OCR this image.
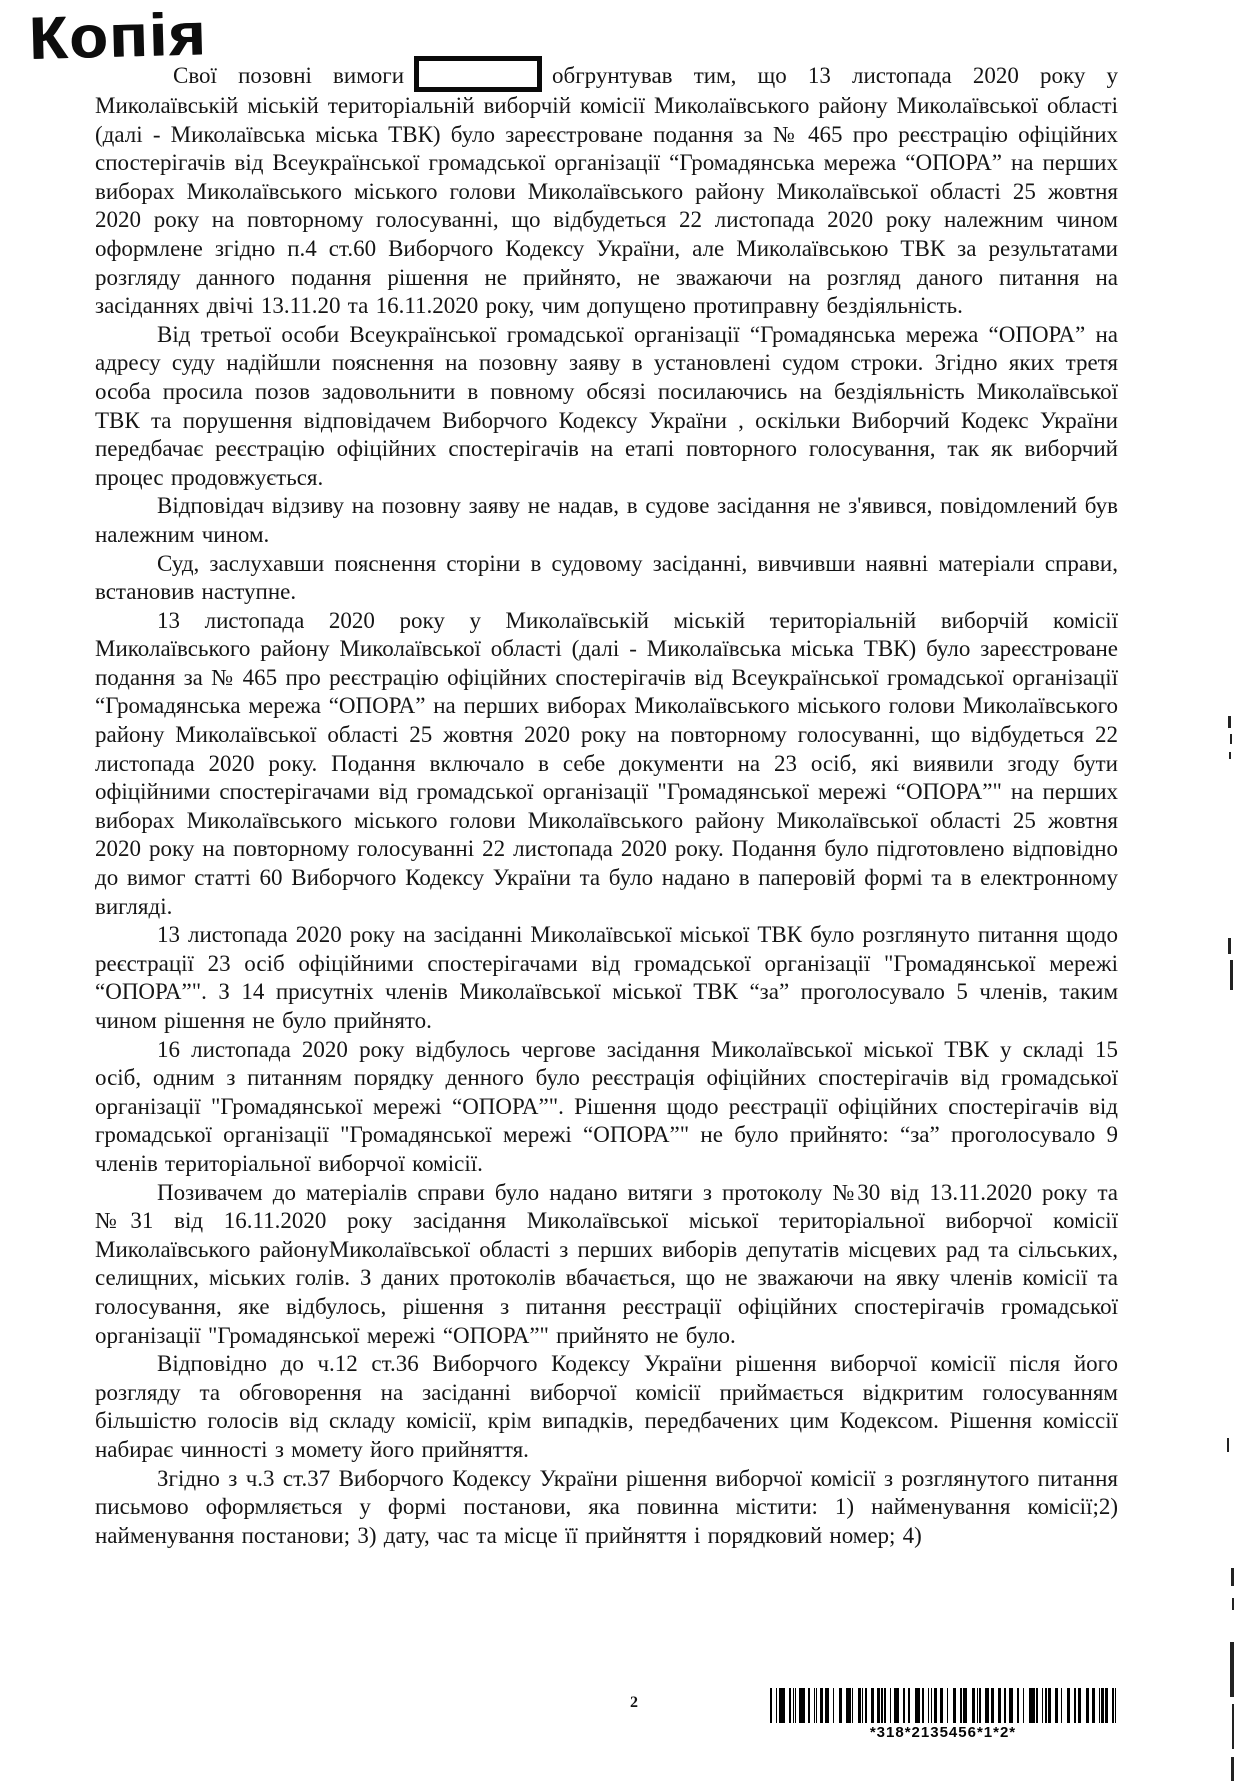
Копія

Свої позовні вимоги	обгрунтував тим, що 13 листопада 2020 року у Миколаївській міській територіальній виборчій комісії Миколаївського району Миколаївської області (далі - Миколаївська міська ТВК) було зареєстроване подання за № 465 про реєстрацію офіційних спостерігачів від Всеукраїнської громадської організації “Громадянська мережа “ОПОРА” на перших виборах Миколаївського міського голови Миколаївського району Миколаївської області 25 жовтня 2020 року на повторному голосуванні, що відбудеться 22 листопада 2020 року належним чином оформлене згідно п.4 ст.60 Виборчого Кодексу України, але Миколаївською ТВК за результатами розгляду данного подання рішення не прийнято, не зважаючи на розгляд даного питання на засіданнях двічі 13.11.20 та 16.11.2020 року, чим допущено протиправну бездіяльність.

Від третьої особи Всеукраїнської громадської організації “Громадянська мережа “ОПОРА” на адресу суду надійшли пояснення на позовну заяву в установлені судом строки. Згідно яких третя особа просила позов задовольнити в повному обсязі посилаючись на бездіяльність Миколаївської ТВК та порушення відповідачем Виборчого Кодексу України , оскільки Виборчий Кодекс України передбачає реєстрацію офіційних спостерігачів на етапі повторного голосування, так як виборчий процес продовжується.

Відповідач відзиву на позовну заяву не надав, в судове засідання не з'явився, повідомлений був належним чином.

Суд, заслухавши пояснення сторіни в судовому засіданні, вивчивши наявні матеріали справи, встановив наступне.

13 листопада 2020 року у Миколаївській міській територіальній виборчій комісії Миколаївського району Миколаївської області (далі - Миколаївська міська ТВК) було зареєстроване подання за № 465 про реєстрацію офіційних спостерігачів від Всеукраїнської громадської організації “Громадянська мережа “ОПОРА” на перших виборах Миколаївського міського голови Миколаївського району Миколаївської області 25 жовтня 2020 року на повторному голосуванні, що відбудеться 22 листопада 2020 року. Подання включало в себе документи на 23 осіб, які виявили згоду бути офіційними спостерігачами від громадської організації "Громадянської мережі “ОПОРА”" на перших виборах Миколаївського міського голови Миколаївського району Миколаївської області 25 жовтня 2020 року на повторному голосуванні 22 листопада 2020 року. Подання було підготовлено відповідно до вимог статті 60 Виборчого Кодексу України та було надано в паперовій формі та в електронному вигляді.

13 листопада 2020 року на засіданні Миколаївської міської ТВК було розглянуто питання щодо реєстрації 23 осіб офіційними спостерігачами від громадської організації "Громадянської мережі “ОПОРА”". З 14 присутніх членів Миколаївської міської ТВК “за” проголосувало 5 членів, таким чином рішення не було прийнято.

16 листопада 2020 року відбулось чергове засідання Миколаївської міської ТВК у складі 15 осіб, одним з питанням порядку денного було реєстрація офіційних спостерігачів від громадської організації "Громадянської мережі “ОПОРА”". Рішення щодо реєстрації офіційних спостерігачів від громадської організації "Громадянської мережі “ОПОРА”" не було прийнято: “за” проголосувало 9 членів територіальної виборчої комісії.

Позивачем до матеріалів справи було надано витяги з протоколу №30 від 13.11.2020 року та №31 від 16.11.2020 року засідання Миколаївської міської територіальної виборчої комісії Миколаївського районуМиколаївської області з перших виборів депутатів місцевих рад та сільських, селищних, міських голів. З даних протоколів вбачається, що не зважаючи на явку членів комісії та голосування, яке відбулось, рішення з питання реєстрації офіційних спостерігачів громадської організації "Громадянської мережі “ОПОРА”" прийнято не було.

Відповідно до ч.12 ст.36 Виборчого Кодексу України рішення виборчої комісії після його розгляду та обговорення на засіданні виборчої комісії приймається відкритим голосуванням більшістю голосів від складу комісії, крім випадків, передбачених цим Кодексом. Рішення коміссії набирає чинності з момету його прийняття.

Згідно з ч.3 ст.37 Виборчого Кодексу України рішення виборчої комісії з розглянутого питання письмово оформляється у формі постанови, яка повинна містити: 1) найменування комісії;2) найменування постанови; 3) дату, час та місце її прийняття і порядковий номер; 4)

2
*318*2135456*1*2*
